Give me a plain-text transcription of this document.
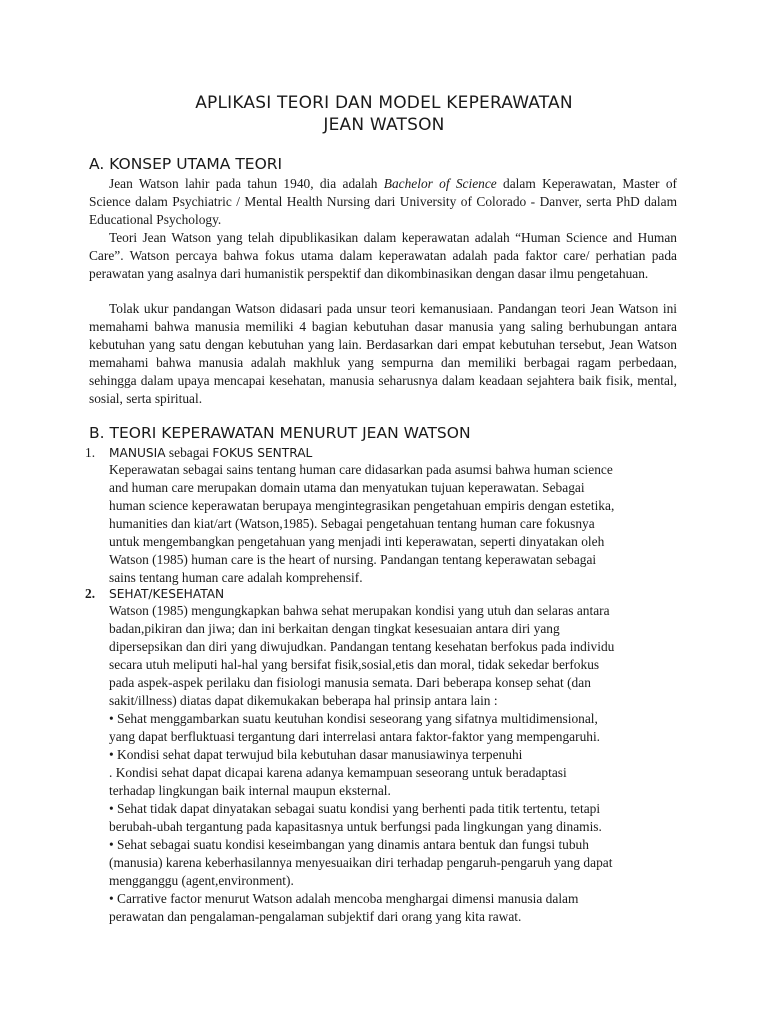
APLIKASI TEORI DAN MODEL KEPERAWATAN
JEAN WATSON
A. KONSEP UTAMA TEORI
Jean Watson lahir pada tahun 1940, dia adalah Bachelor of Science dalam Keperawatan, Master of Science dalam Psychiatric / Mental Health Nursing dari University of Colorado - Danver, serta PhD dalam Educational Psychology.
Teori Jean Watson yang telah dipublikasikan dalam keperawatan adalah “Human Science and Human Care”. Watson percaya bahwa fokus utama dalam keperawatan adalah pada faktor care/ perhatian pada perawatan yang asalnya dari humanistik perspektif dan dikombinasikan dengan dasar ilmu pengetahuan.
Tolak ukur pandangan Watson didasari pada unsur teori kemanusiaan. Pandangan teori Jean Watson ini memahami bahwa manusia memiliki 4 bagian kebutuhan dasar manusia yang saling berhubungan antara kebutuhan yang satu dengan kebutuhan yang lain. Berdasarkan dari empat kebutuhan tersebut, Jean Watson memahami bahwa manusia adalah makhluk yang sempurna dan memiliki berbagai ragam perbedaan, sehingga dalam upaya mencapai kesehatan, manusia seharusnya dalam keadaan sejahtera baik fisik, mental, sosial, serta spiritual.
B. TEORI KEPERAWATAN MENURUT JEAN WATSON
1. MANUSIA sebagai FOKUS SENTRAL
Keperawatan sebagai sains tentang human care didasarkan pada asumsi bahwa human science
and human care merupakan domain utama dan menyatukan tujuan keperawatan. Sebagai
human science keperawatan berupaya mengintegrasikan pengetahuan empiris dengan estetika,
humanities dan kiat/art (Watson,1985). Sebagai pengetahuan tentang human care fokusnya
untuk mengembangkan pengetahuan yang menjadi inti keperawatan, seperti dinyatakan oleh
Watson (1985) human care is the heart of nursing. Pandangan tentang keperawatan sebagai
sains tentang human care adalah komprehensif.
2. SEHAT/KESEHATAN
Watson (1985) mengungkapkan bahwa sehat merupakan kondisi yang utuh dan selaras antara
badan,pikiran dan jiwa; dan ini berkaitan dengan tingkat kesesuaian antara diri yang
dipersepsikan dan diri yang diwujudkan. Pandangan tentang kesehatan berfokus pada individu
secara utuh meliputi hal-hal yang bersifat fisik,sosial,etis dan moral, tidak sekedar berfokus
pada aspek-aspek perilaku dan fisiologi manusia semata. Dari beberapa konsep sehat (dan
sakit/illness) diatas dapat dikemukakan beberapa hal prinsip antara lain :
• Sehat menggambarkan suatu keutuhan kondisi seseorang yang sifatnya multidimensional,
yang dapat berfluktuasi tergantung dari interrelasi antara faktor-faktor yang mempengaruhi.
• Kondisi sehat dapat terwujud bila kebutuhan dasar manusiawinya terpenuhi
. Kondisi sehat dapat dicapai karena adanya kemampuan seseorang untuk beradaptasi
terhadap lingkungan baik internal maupun eksternal.
• Sehat tidak dapat dinyatakan sebagai suatu kondisi yang berhenti pada titik tertentu, tetapi
berubah-ubah tergantung pada kapasitasnya untuk berfungsi pada lingkungan yang dinamis.
• Sehat sebagai suatu kondisi keseimbangan yang dinamis antara bentuk dan fungsi tubuh
(manusia) karena keberhasilannya menyesuaikan diri terhadap pengaruh-pengaruh yang dapat
mengganggu (agent,environment).
• Carrative factor menurut Watson adalah mencoba menghargai dimensi manusia dalam
perawatan dan pengalaman-pengalaman subjektif dari orang yang kita rawat.
